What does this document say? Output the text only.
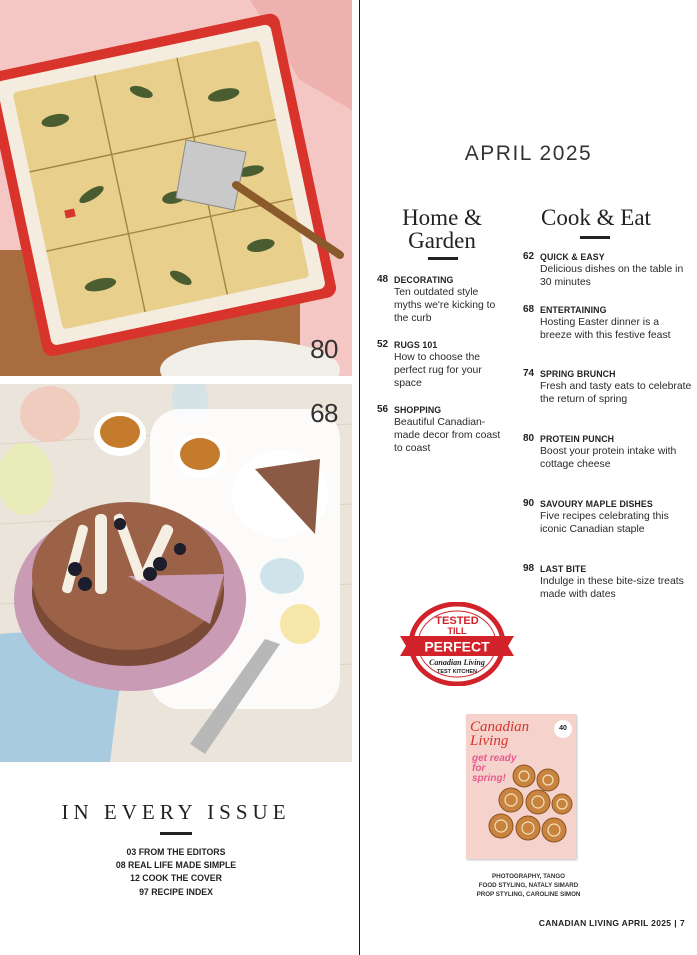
80
68
IN EVERY ISSUE
03 FROM THE EDITORS
08 REAL LIFE MADE SIMPLE
12 COOK THE COVER
97 RECIPE INDEX
APRIL 2025
Home &
Garden
Cook & Eat
48 DECORATING
Ten outdated style myths we're kicking to the curb
52 RUGS 101
How to choose the perfect rug for your space
56 SHOPPING
Beautiful Canadian-made decor from coast to coast
62 QUICK & EASY
Delicious dishes on the table in 30 minutes
68 ENTERTAINING
Hosting Easter dinner is a breeze with this festive feast
74 SPRING BRUNCH
Fresh and tasty eats to celebrate the return of spring
80 PROTEIN PUNCH
Boost your protein intake with cottage cheese
90 SAVOURY MAPLE DISHES
Five recipes celebrating this iconic Canadian staple
98 LAST BITE
Indulge in these bite-size treats made with dates
TESTED
TILL
PERFECT
Canadian Living
TEST KITCHEN
Canadian
Living
40
get ready
for
spring!
PHOTOGRAPHY, TANGO
FOOD STYLING, NATALY SIMARD
PROP STYLING, CAROLINE SIMON
CANADIAN LIVING APRIL 2025 | 7
